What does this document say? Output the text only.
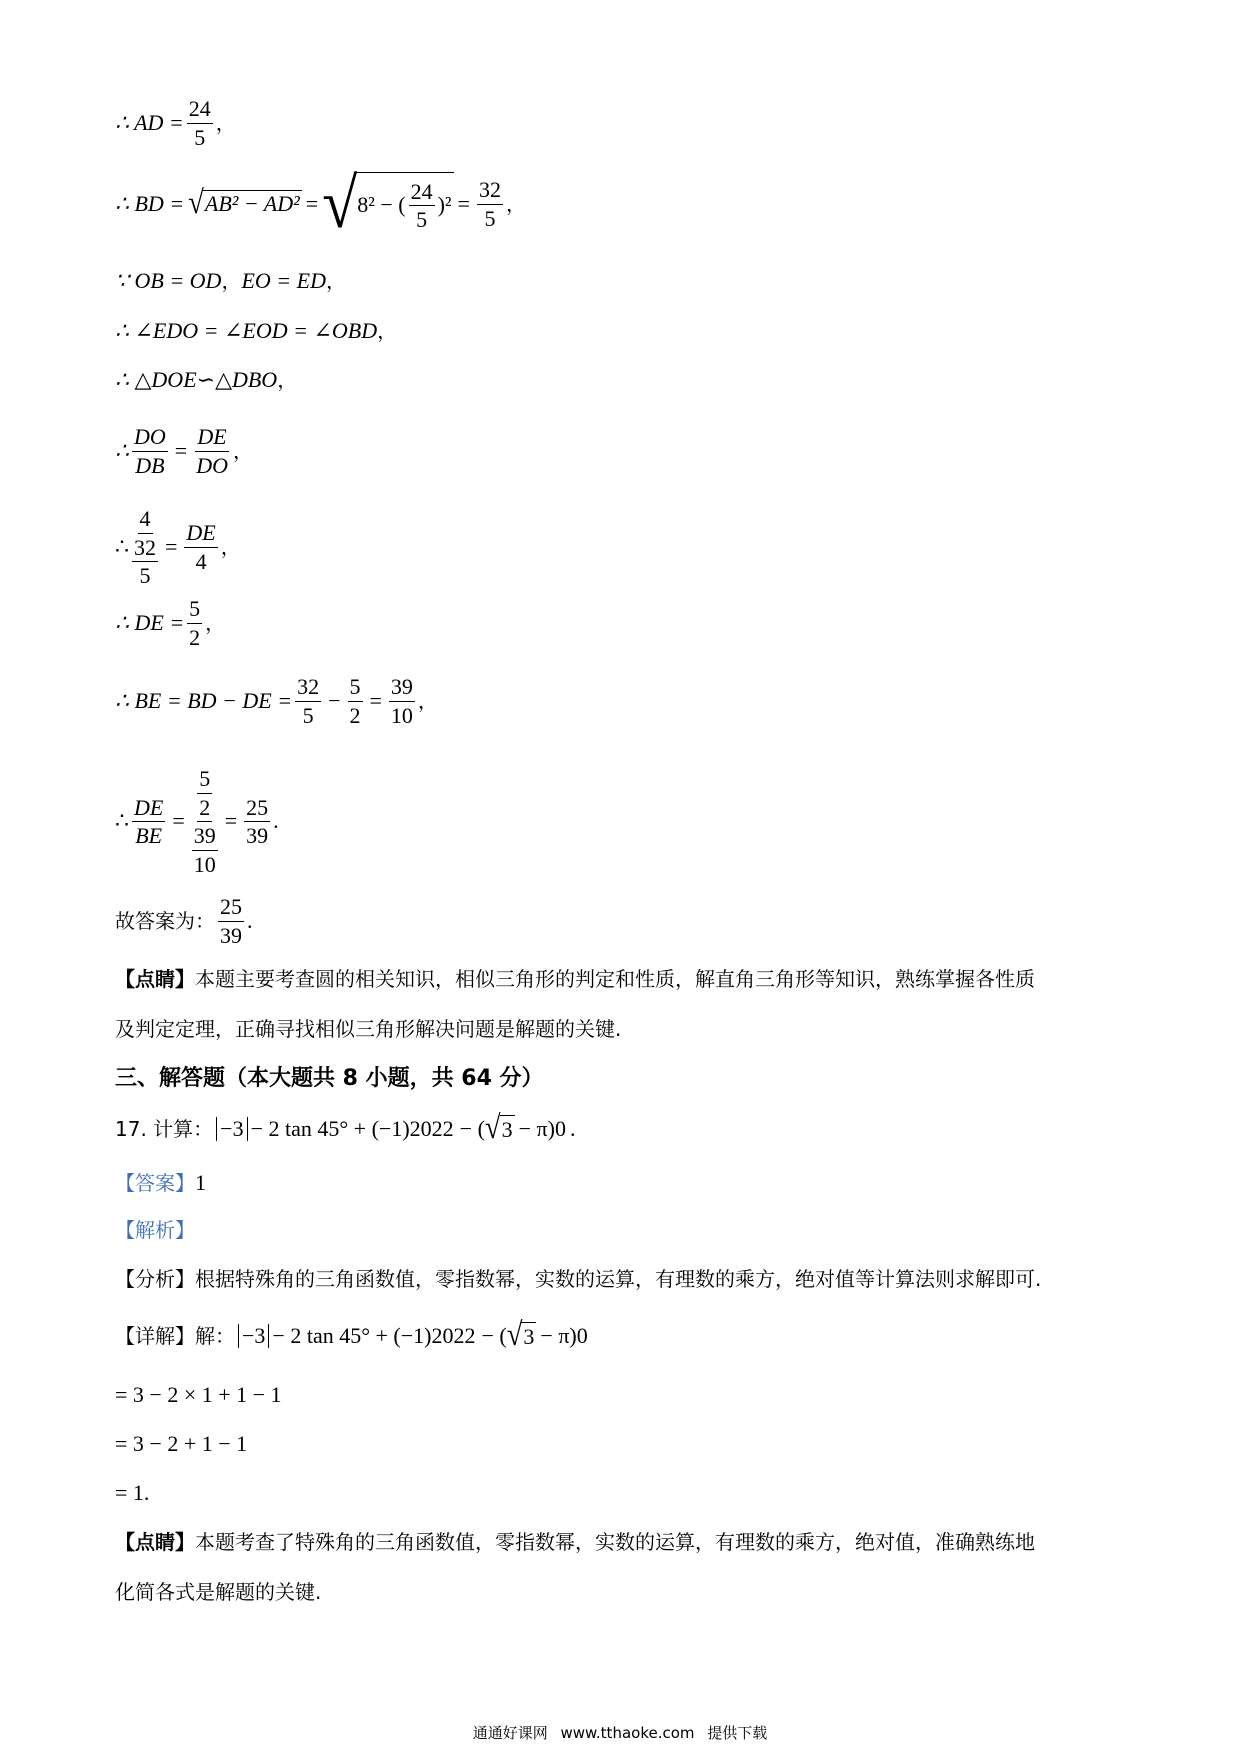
∴ AD = $\frac{24}{5}$ ，
∴ BD = √ AB² − AD² = √ 8² − ( $\frac{24}{5} )^2 = \frac{32}{5}$ ，
∵ OB = OD ， EO = ED ，
∴ ∠EDO = ∠EOD = ∠OBD ，
∴ △DOE∽△DBO ，
∴ $\frac{DO}{DB} = \frac{DE}{DO}$ ，
∴ $\frac{4}{\frac{32}{5}} = \frac{DE}{4}$ ，
∴ DE = $\frac{5}{2}$ ，
∴ BE = BD − DE = $\frac{32}{5} - \frac{5}{2} = \frac{39}{10}$ ，
∴ $\frac{DE}{BE} = \frac{\frac{5}{2}}{\frac{39}{10}} = \frac{25}{39}$ .
故答案为： $\frac{25}{39}$ .
【点睛】 本题主要考查圆的相关知识，相似三角形的判定和性质，解直角三角形等知识，熟练掌握各性质
及判定定理，正确寻找相似三角形解决问题是解题的关键.
三、解答题（本大题共 8 小题，共 64 分）
17. 计算： −3 − 2 tan 45° + (−1) 2022 − ( √ 3 − π) 0 .
【答案】 1
【解析】
【分析】 根据特殊角的三角函数值，零指数幂，实数的运算，有理数的乘方，绝对值等计算法则求解即可.
【详解】 解： −3 − 2 tan 45° + (−1) 2022 − ( √ 3 − π) 0
= 3 − 2 × 1 + 1 − 1
= 3 − 2 + 1 − 1
= 1.
【点睛】 本题考查了特殊角的三角函数值，零指数幂，实数的运算，有理数的乘方，绝对值，准确熟练地
化简各式是解题的关键.
通通好课网 www.tthaoke.com 提供下载
